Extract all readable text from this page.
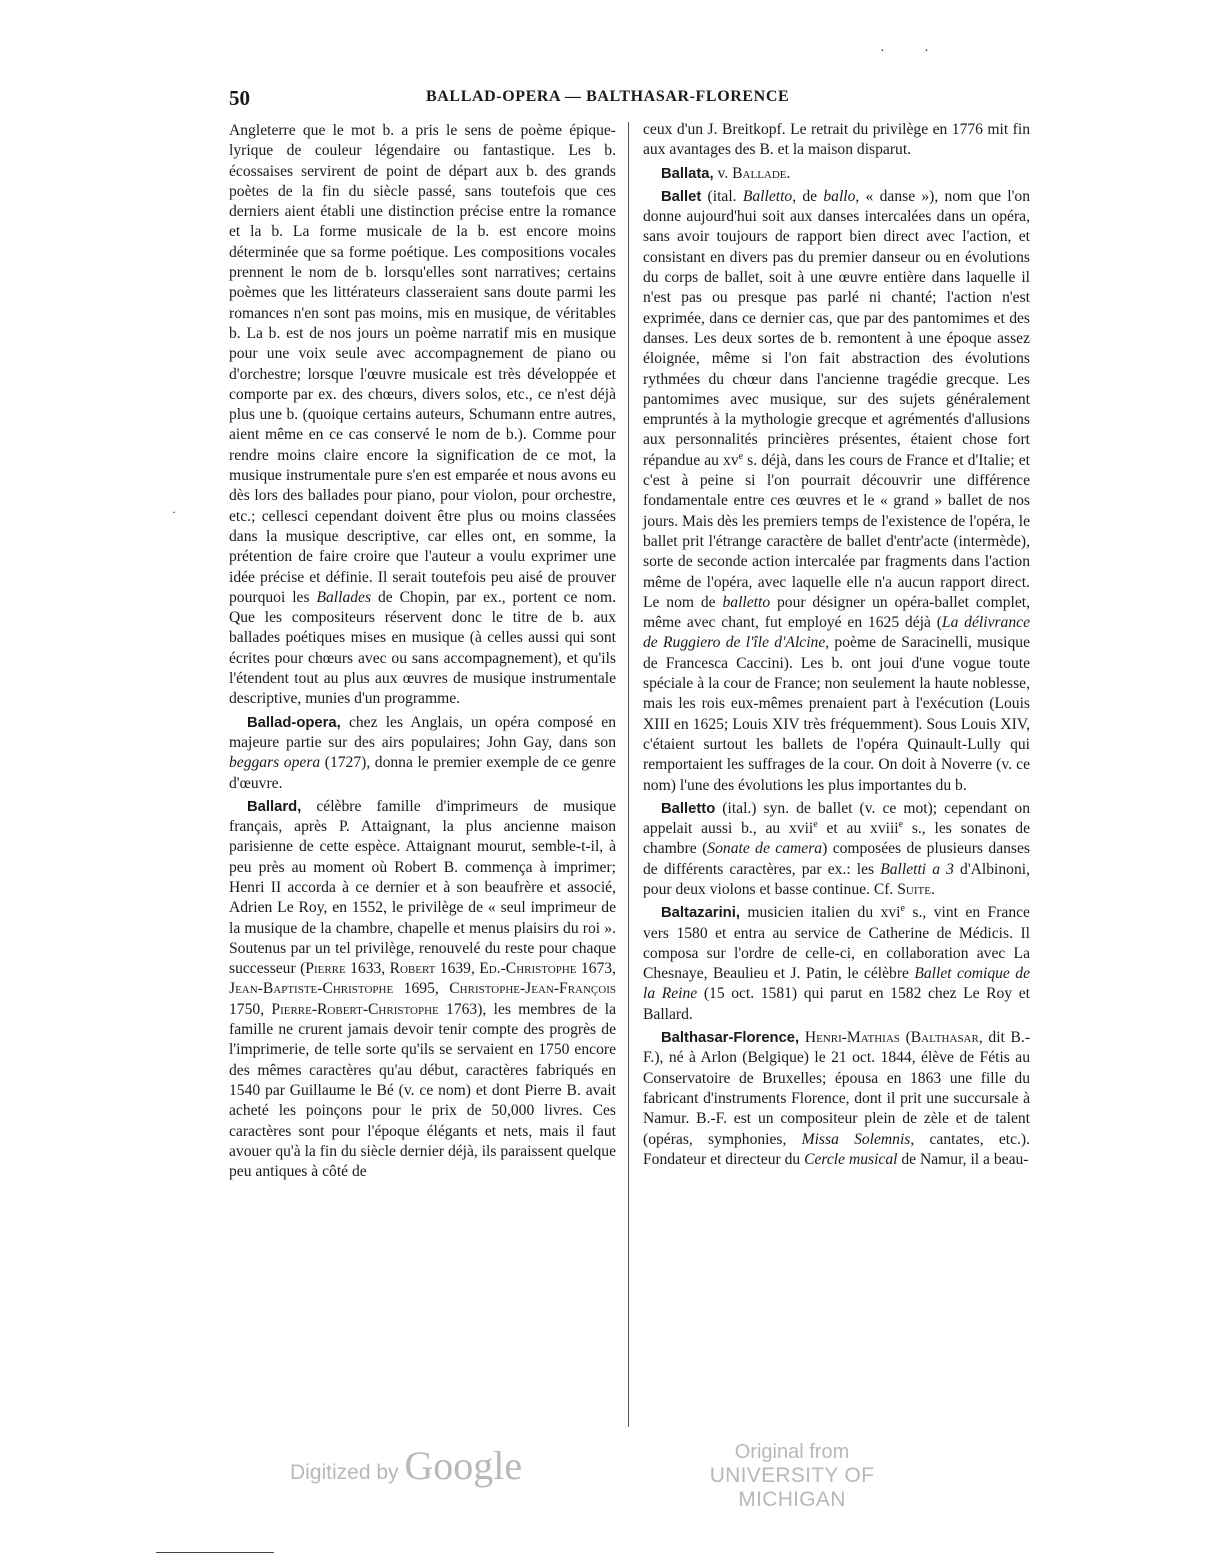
50	BALLAD-OPERA — BALTHASAR-FLORENCE
· ·
·

Angleterre que le mot b. a pris le sens de poème épique-lyrique de couleur légendaire ou fantastique. Les b. écossaises servirent de point de départ aux b. des grands poètes de la fin du siècle passé, sans toutefois que ces derniers aient établi une distinction précise entre la romance et la b. La forme musicale de la b. est encore moins déterminée que sa forme poétique. Les compositions vocales prennent le nom de b. lorsqu'elles sont narratives; certains poèmes que les littérateurs classeraient sans doute parmi les romances n'en sont pas moins, mis en musique, de véritables b. La b. est de nos jours un poème narratif mis en musique pour une voix seule avec accompagnement de piano ou d'orchestre; lorsque l'œuvre musicale est très développée et comporte par ex. des chœurs, divers solos, etc., ce n'est déjà plus une b. (quoique certains auteurs, Schumann entre autres, aient même en ce cas conservé le nom de b.). Comme pour rendre moins claire encore la signification de ce mot, la musique instrumentale pure s'en est emparée et nous avons eu dès lors des ballades pour piano, pour violon, pour orchestre, etc.; cellesci cependant doivent être plus ou moins classées dans la musique descriptive, car elles ont, en somme, la prétention de faire croire que l'auteur a voulu exprimer une idée précise et définie. Il serait toutefois peu aisé de prouver pourquoi les Ballades de Chopin, par ex., portent ce nom. Que les compositeurs réservent donc le titre de b. aux ballades poétiques mises en musique (à celles aussi qui sont écrites pour chœurs avec ou sans accompagnement), et qu'ils l'étendent tout au plus aux œuvres de musique instrumentale descriptive, munies d'un programme.

Ballad-opera, chez les Anglais, un opéra composé en majeure partie sur des airs populaires; John Gay, dans son beggars opera (1727), donna le premier exemple de ce genre d'œuvre.

Ballard, célèbre famille d'imprimeurs de musique français, après P. Attaignant, la plus ancienne maison parisienne de cette espèce. Attaignant mourut, semble-t-il, à peu près au moment où Robert B. commença à imprimer; Henri II accorda à ce dernier et à son beaufrère et associé, Adrien Le Roy, en 1552, le privilège de « seul imprimeur de la musique de la chambre, chapelle et menus plaisirs du roi ». Soutenus par un tel privilège, renouvelé du reste pour chaque successeur (Pierre 1633, Robert 1639, Ed.-Christophe 1673, Jean-Baptiste-Christophe 1695, Christophe-Jean-François 1750, Pierre-Robert-Christophe 1763), les membres de la famille ne crurent jamais devoir tenir compte des progrès de l'imprimerie, de telle sorte qu'ils se servaient en 1750 encore des mêmes caractères qu'au début, caractères fabriqués en 1540 par Guillaume le Bé (v. ce nom) et dont Pierre B. avait acheté les poinçons pour le prix de 50,000 livres. Ces caractères sont pour l'époque élégants et nets, mais il faut avouer qu'à la fin du siècle dernier déjà, ils paraissent quelque peu antiques à côté de

ceux d'un J. Breitkopf. Le retrait du privilège en 1776 mit fin aux avantages des B. et la maison disparut.

Ballata, v. Ballade.

Ballet (ital. Balletto, de ballo, « danse »), nom que l'on donne aujourd'hui soit aux danses intercalées dans un opéra, sans avoir toujours de rapport bien direct avec l'action, et consistant en divers pas du premier danseur ou en évolutions du corps de ballet, soit à une œuvre entière dans laquelle il n'est pas ou presque pas parlé ni chanté; l'action n'est exprimée, dans ce dernier cas, que par des pantomimes et des danses. Les deux sortes de b. remontent à une époque assez éloignée, même si l'on fait abstraction des évolutions rythmées du chœur dans l'ancienne tragédie grecque. Les pantomimes avec musique, sur des sujets généralement empruntés à la mythologie grecque et agrémentés d'allusions aux personnalités princières présentes, étaient chose fort répandue au $xv^e$ s. déjà, dans les cours de France et d'Italie; et c'est à peine si l'on pourrait découvrir une différence fondamentale entre ces œuvres et le « grand » ballet de nos jours. Mais dès les premiers temps de l'existence de l'opéra, le ballet prit l'étrange caractère de ballet d'entr'acte (intermède), sorte de seconde action intercalée par fragments dans l'action même de l'opéra, avec laquelle elle n'a aucun rapport direct. Le nom de balletto pour désigner un opéra-ballet complet, même avec chant, fut employé en 1625 déjà (La délivrance de Ruggiero de l'île d'Alcine, poème de Saracinelli, musique de Francesca Caccini). Les b. ont joui d'une vogue toute spéciale à la cour de France; non seulement la haute noblesse, mais les rois eux-mêmes prenaient part à l'exécution (Louis XIII en 1625; Louis XIV très fréquemment). Sous Louis XIV, c'étaient surtout les ballets de l'opéra Quinault-Lully qui remportaient les suffrages de la cour. On doit à Noverre (v. ce nom) l'une des évolutions les plus importantes du b.

Balletto (ital.) syn. de ballet (v. ce mot); cependant on appelait aussi b., au xvii$^e$ et au xviii$^e$ s., les sonates de chambre (Sonate de camera) composées de plusieurs danses de différents caractères, par ex.: les Balletti a 3 d'Albinoni, pour deux violons et basse continue. Cf. Suite.

Baltazarini, musicien italien du xvi$^e$ s., vint en France vers 1580 et entra au service de Catherine de Médicis. Il composa sur l'ordre de celle-ci, en collaboration avec La Chesnaye, Beaulieu et J. Patin, le célèbre Ballet comique de la Reine (15 oct. 1581) qui parut en 1582 chez Le Roy et Ballard.

Balthasar-Florence, Henri-Mathias (Balthasar, dit B.-F.), né à Arlon (Belgique) le 21 oct. 1844, élève de Fétis au Conservatoire de Bruxelles; épousa en 1863 une fille du fabricant d'instruments Florence, dont il prit une succursale à Namur. B.-F. est un compositeur plein de zèle et de talent (opéras, symphonies, Missa Solemnis, cantates, etc.). Fondateur et directeur du Cercle musical de Namur, il a beau-

Digitized by Google	Original from
UNIVERSITY OF MICHIGAN
